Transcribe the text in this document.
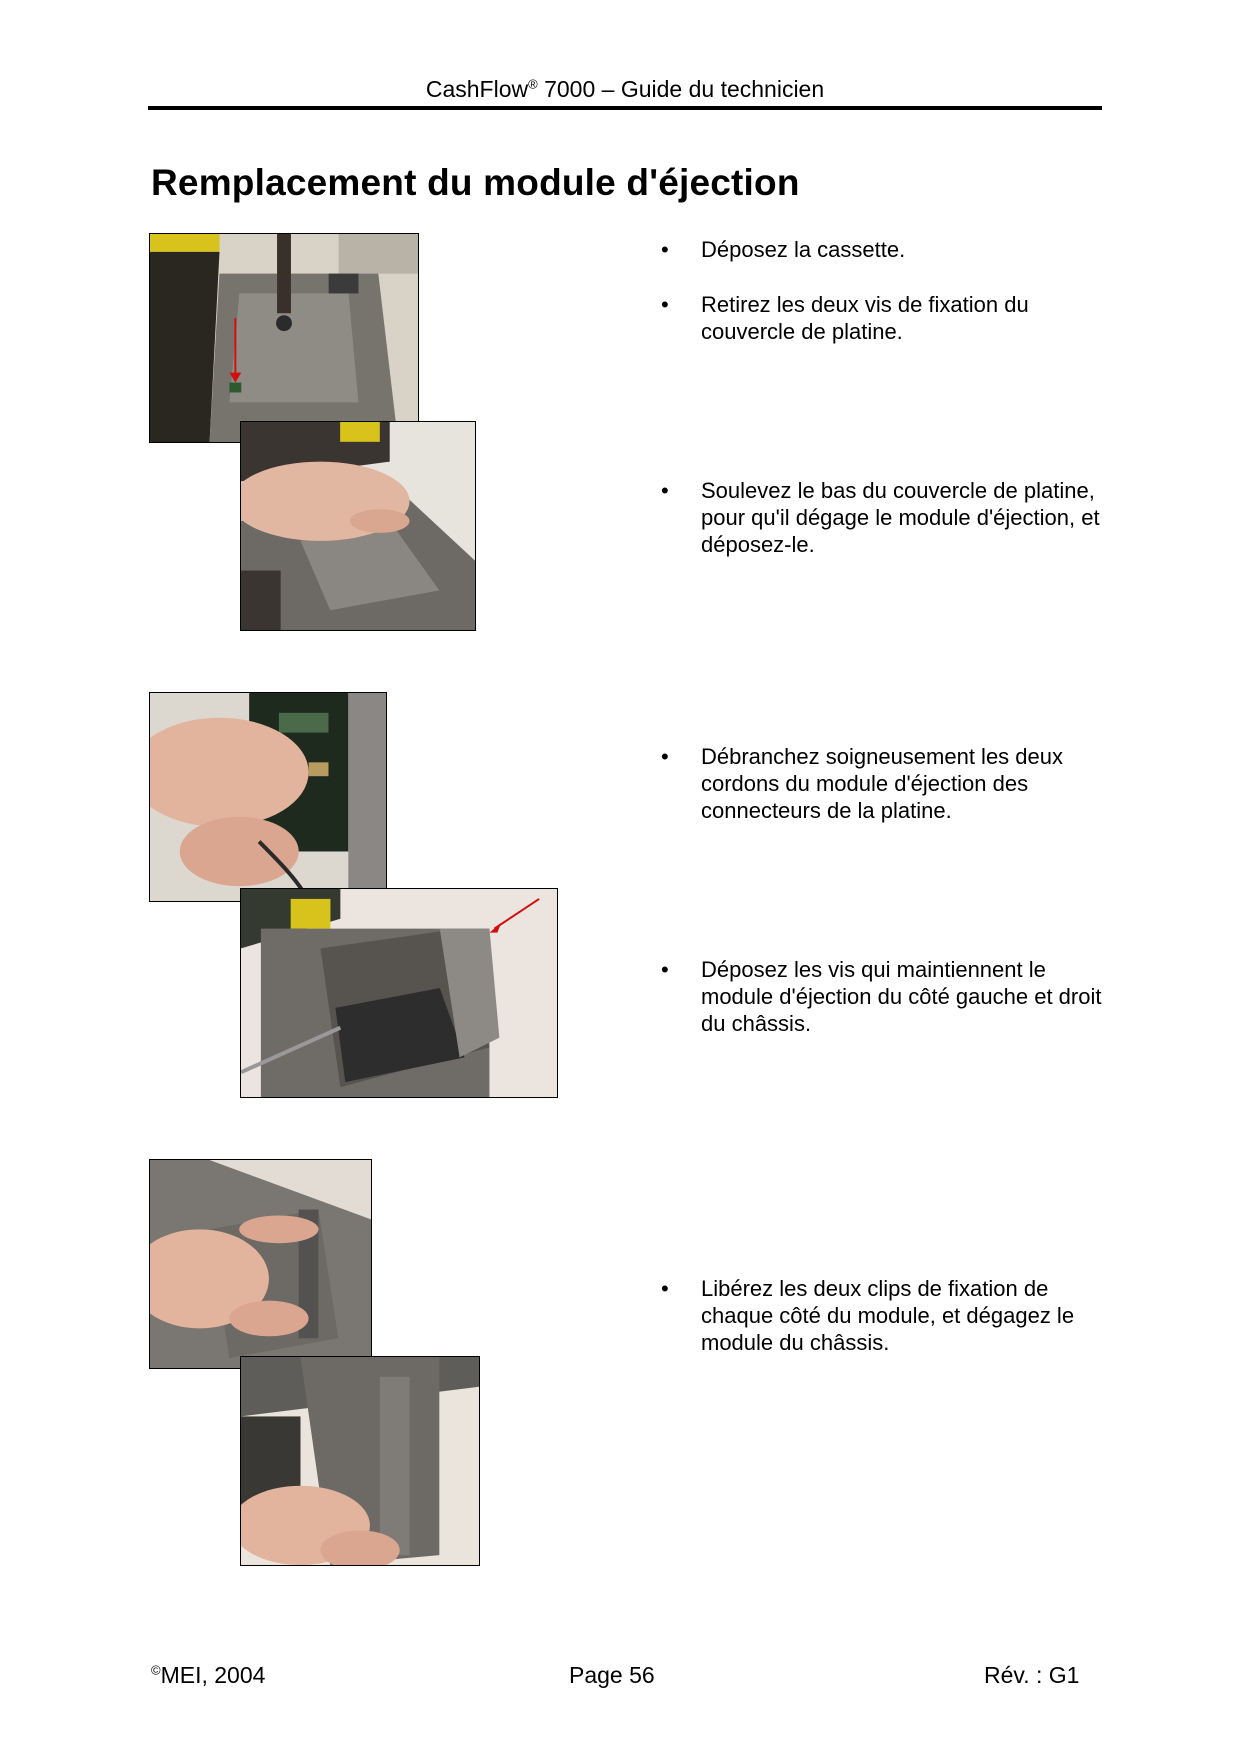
CashFlow® 7000 – Guide du technicien
Remplacement du module d'éjection
• Déposez la cassette.
• Retirez les deux vis de fixation du couvercle de platine.
• Soulevez le bas du couvercle de platine, pour qu'il dégage le module d'éjection, et déposez-le.
• Débranchez soigneusement les deux cordons du module d'éjection des connecteurs de la platine.
• Déposez les vis qui maintiennent le module d'éjection du côté gauche et droit du châssis.
• Libérez les deux clips de fixation de chaque côté du module, et dégagez le module du châssis.
©MEI, 2004	Page 56	Rév. : G1
